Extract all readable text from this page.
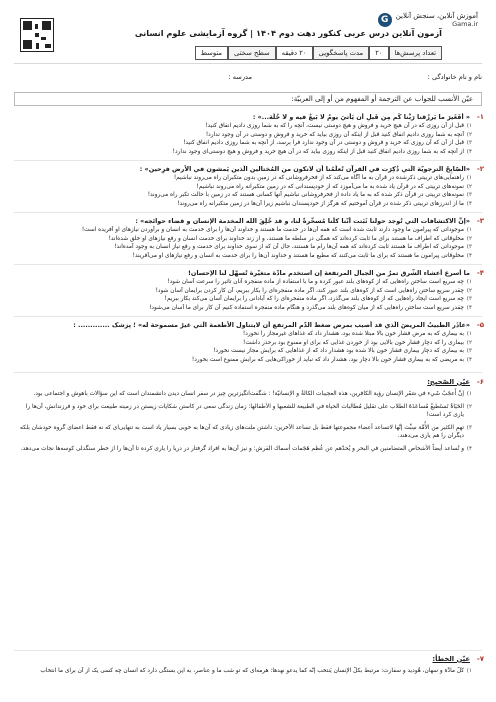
آموزش آنلاین، سنجش آنلاین
Gama.ir
G
آزمون آنلاین درس عربی کنکور دهت دوم ۱۴۰۴ | گروه آزمایشی علوم انسانی
تعداد پرسش‌ها
۲۰
مدت پاسخگویی
۲۰ دقیقه
سطح سختی
متوسط
نام و نام خانوادگی :
مدرسه :
عيّن الأنسب للجواب عن الترجمة أو المفهوم من أو إلى العربيّة:
-۱
« أَفَغَيرَ ما يَرزُقنا رَبُّنا كَم مِن قَبلِ أَن يَأتيَ يومٌ لا بَيعٌ فيه و لا خُلَّة...» :
۱)
قبل از آن روزی که در آن هیچ خرید و فروش و هیچ دوستی نیست، آنچه را که به شما روزی دادیم انفاق کنید!
۲)
آنچه به شما روزی دادیم انفاق کنید قبل از اینکه آن روزی بیاید که خرید و فروش و دوستی در آن وجود ندارد!
۳)
قبل از آن که آن روزی که خرید و فروش و دوستی در آن وجود ندارد فرا برسد، از آنچه به شما روزی دادیم انفاق کنید!
۴)
از آنچه که به شما روزی دادیم انفاق کنید قبل از اینکه روزی بیاید که در آن هیچ خرید و فروش و هیچ دوستی‌ای وجود ندارد!
-۲
«الصّابِحُ الترجويّة الّتي ذُكِرَت في القرآن تُعلِّمُنا أن لانكون من المُختالين الّذين يَمشون في الأرض فرِحين» :
۱)
راهنمایی‌های تربیتی ذکرشده در قرآن به ما آگاه می‌کند که از فخرفروشانی که در زمین بدون متکبران راه می‌روند نباشیم!
۲)
نمونه‌های تربیتی که در قرآن یاد شده به ما می‌آموزد که از خودپسندانی که در زمین متکبرانه راه می‌روند نباشیم!
۳)
نمونه‌های تربیتی در قرآن ذکر شده که به ما یاد داده از فخرفروشانی نباشیم آنها کسانی هستند که در زمین با حالت تکبر راه می‌روند!
۴)
ما از اندرزهای تربیتی ذکر شده در قرآن آموختیم که هرگز از خودپسندان نباشیم زیرا آن‌ها در زمین متکبرانه راه می‌روند!
-۳
«إنَّ الاكتشافات التي تُوجد حولنا ثَبَتت أنّنا كلّنا مُسخَّرةً لنا، و قد خُلِقَ الله المخدمة الإنسان و قضاء حوائجه» :
۱)
موجوداتی که پیرامون ما وجود دارند ثابت شده است که همه آن‌ها در خدمت ما هستند و خداوند آن‌ها را برای خدمت به انسان و برآوردن نیازهای او آفریده است!
۲)
مخلوقاتی که اطراف ما هستند برای ما ثابت کرده‌اند که همگی در سلطه ما هستند، و از زند خداوند برای خدمت انسان و رفع نیازهای او خلق شده‌اند!
۳)
موجوداتی که اطراف ما هستند ثابت کرده‌اند که همه آن‌ها رام ما هستند، حال آن که از سوی خداوند برای خدمت و رفع نیاز انسان به وجود آمده‌اند!
۴)
مخلوقاتی پیرامون ما هستند که برای ما ثابت می‌کنند که مطیع ما هستند و خداوند آن‌ها را برای خدمت به انسان و رفع نیازهای او می‌آفریند!
-۴
ما أُسرع أُعشاء الشّرق تمرٌ من الجبال المرتفعة إن استخدم مادّة متغيّرة تُسهّل لنا الإحسان!
۱)
چه سریع است ساختن راه‌هایی که از کوه‌های بلند عبور کرده و ما با استفاده از ماده منفجره آنان تاثیر را سرعت آسان شود!
۲)
چقدر سریع ساختن راه‌هایی است که از کوه‌های بلند عبور کند، اگر ماده منفجره‌ای را بکار ببریم، آن کار کردن برایمان آسان شود!
۳)
چه سریع است ایجاد راه‌هایی که از کوه‌های بلند می‌گذرد، اگر ماده منفجره‌ای را که آبادانی را برایمان آسان می‌کند بکار ببریم!
۴)
چقدر سریع است ساختن راه‌هایی که از میان کوه‌های بلند می‌گذرد و هنگام ماده منفجره استفاده کنیم آن کار برای ما آسان می‌شود!
-۵
«عاذَر الطبيبُ المريضَ الّذي قد أصيب بمرض ضغط الدّم المرتفع أن لايتناول الأطعمة الّتي غيرُ مسموحة له» ؛ پزشک ............. :
۱)
به بیماری که به مرض فشار خون بالا مبتلا شده بود، هشدار داد که غذاهای غیرمجاز را نخورد!
۲)
بیماری را که دچار فشار خون بالایی بود از خوردن غذایی که برای او ممنوع بود برحذر داشت!
۳)
به بیماری که دچار بیماری فشار خون بالا شده بود هشدار داد که از غذاهایی که برایش مجاز نیست نخورد!
۴)
به مریضی که به بیماری فشار خون بالا دچار بود، هشدار داد که نباید از خوراکی‌هایی که برایش ممنوع است بخورد!
-۶
عيّن الصّحيح:
۱)
إنَّ أَعجَبْ شَيء في سَفَر الإنسان رؤية الكافرين، هذه العجيبات الكالةُ و الإنسانيّة! : شگفت‌انگیزترین چیز در سفر انسان دیدن دانشمندان است که این سؤالات باهوش و اجتماعی بود.
۲)
الحَيَاةُ تَستَطيعُ مُساعَدَةَ الطلاب على تقليل مُطالبات الحياة في الطبيعة للشعبها و الأطفالها: زمان زندگی سعی در کاستن شکایات زیستن در زمینه طبیعت برای خود و فرزندانش، آن‌ها را یاری کرد است!
۳)
تهمِ الكثير من الأُمَّة سِبِّت إنَّها لاتساعد أعضاء مجموعتها فقط بل تساعد الآخرين: داشتن ملت‌های زیادی که آن‌ها به خوبی بسیار یاد است به تنهایی‌ای که نه فقط اعضای گروه خودشان بلکه دیگران را هم یاری می‌دهند.
۴)
و تُساعد أيضاً الأشخاص المتضامنين في البحر و يُحدّهم عن عُظم هَجَمات أسماك القرش: و نیز آن‌ها به افراد گرفتار در دریا را یاری کرده تا آن‌ها را از خطر سنگدلی کوسه‌ها نجات می‌دهد.
-۷
عيّن الخطأ:
۱)
كُلُّ مادَّة و سهان، هُوديد و سفارت: مرتبط بكلُّ الإنسان يَنتخب إنّه كما يدعو نهدها: هرمه‌ای که تو شب ما و عناصر، به این بستگی دارد که انسان چه کسی یک از آن برای ما انتخاب
